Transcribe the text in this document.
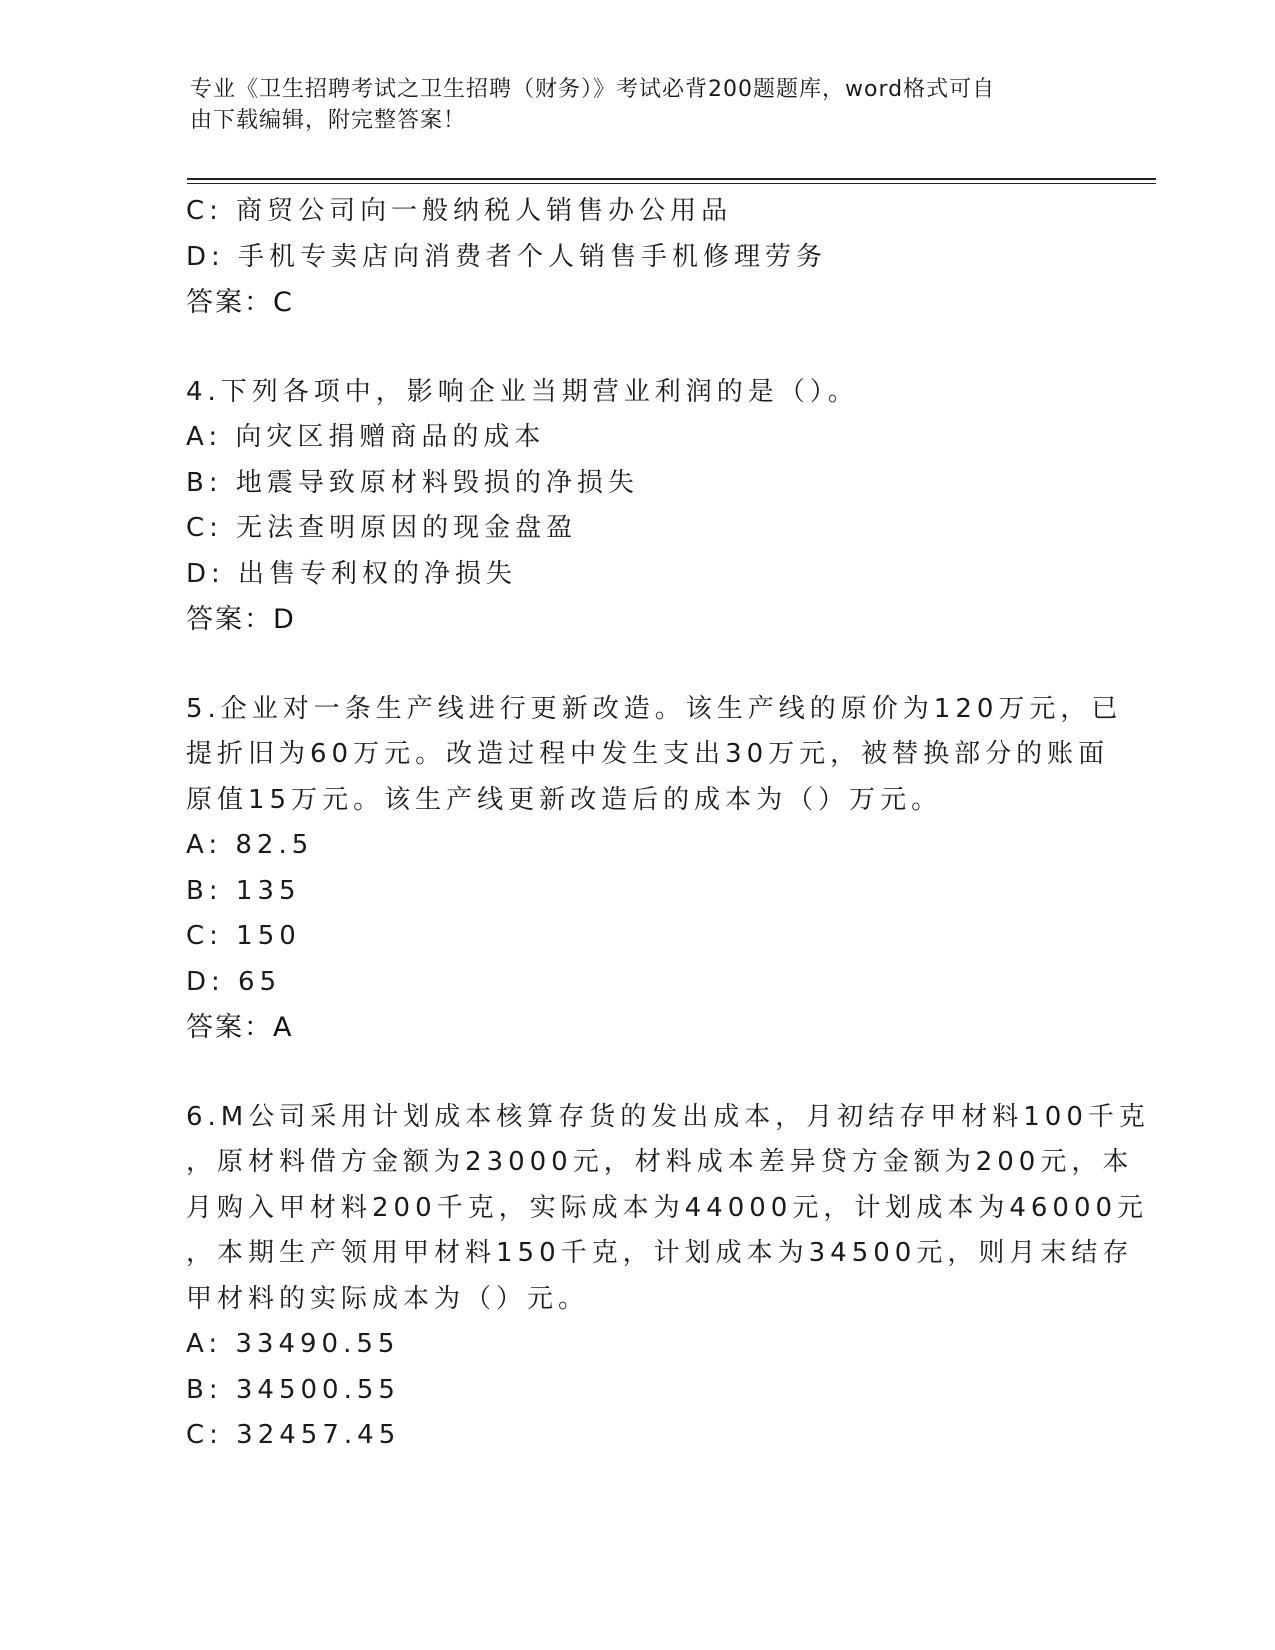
专业《卫生招聘考试之卫生招聘（财务）》考试必背200题题库，word格式可自
由下载编辑，附完整答案！
C: 商贸公司向一般纳税人销售办公用品
D: 手机专卖店向消费者个人销售手机修理劳务
答案：C
4.下列各项中，影响企业当期营业利润的是（）。
A: 向灾区捐赠商品的成本
B: 地震导致原材料毁损的净损失
C: 无法查明原因的现金盘盈
D: 出售专利权的净损失
答案：D
5.企业对一条生产线进行更新改造。该生产线的原价为120万元，已
提折旧为60万元。改造过程中发生支出30万元，被替换部分的账面
原值15万元。该生产线更新改造后的成本为（）万元。
A: 82.5
B: 135
C: 150
D: 65
答案：A
6.M公司采用计划成本核算存货的发出成本，月初结存甲材料100千克
，原材料借方金额为23000元，材料成本差异贷方金额为200元，本
月购入甲材料200千克，实际成本为44000元，计划成本为46000元
，本期生产领用甲材料150千克，计划成本为34500元，则月末结存
甲材料的实际成本为（）元。
A: 33490.55
B: 34500.55
C: 32457.45
